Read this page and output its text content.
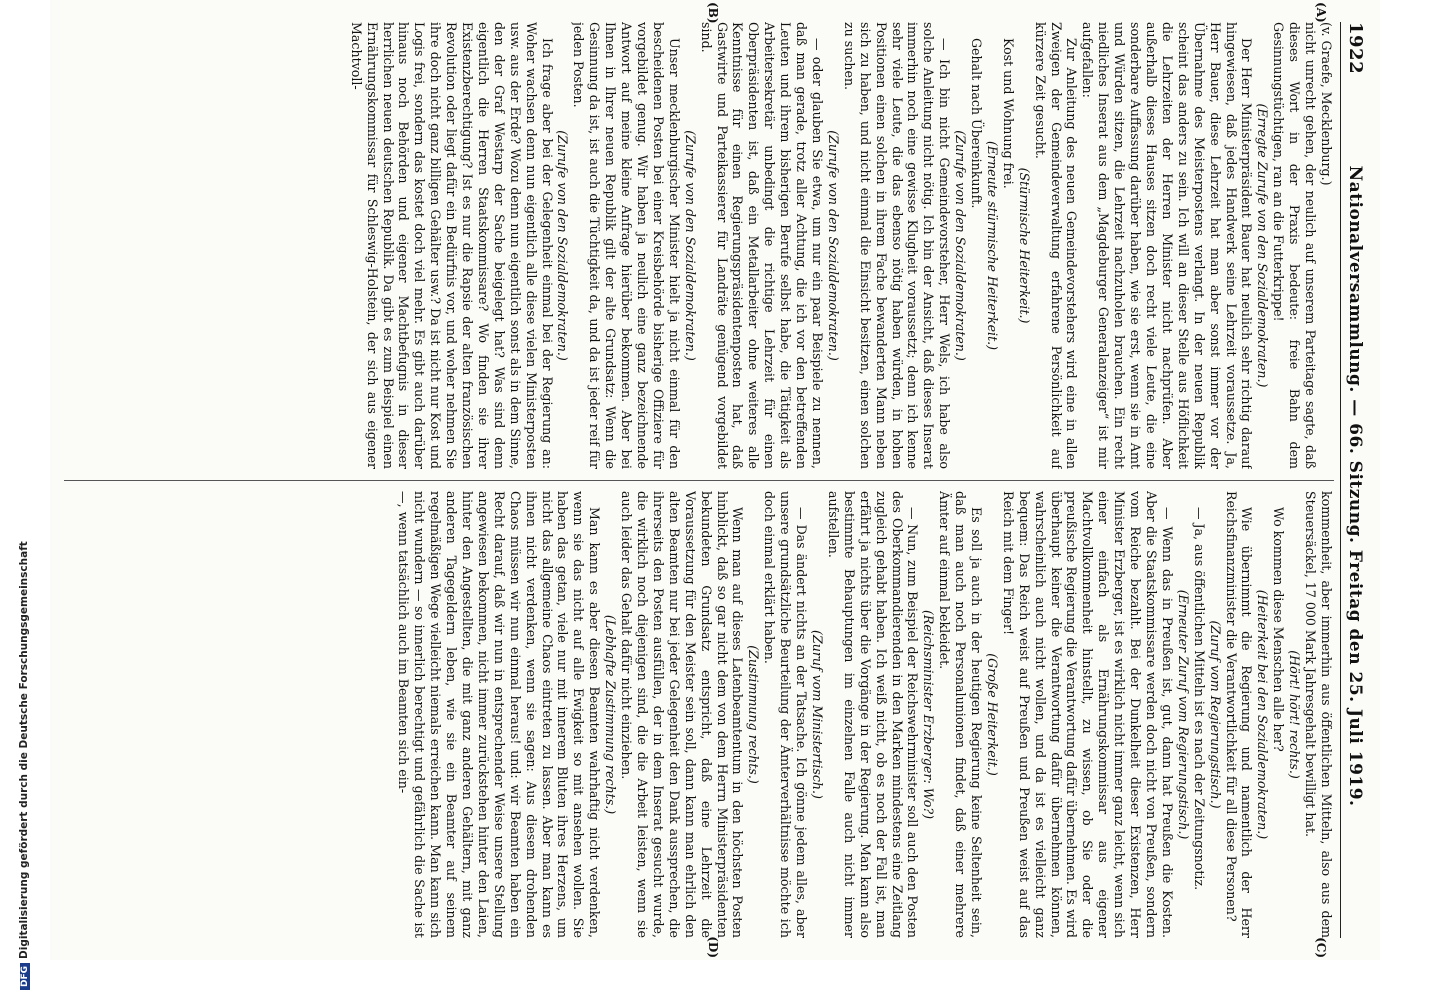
1922
Nationalversammlung. — 66. Sitzung. Freitag den 25. Juli 1919.

(v. Graefe, Mecklenburg.)

nicht unrecht gehen, der neulich auf unserem Parteitage sagte, daß dieses Wort in der Praxis bedeute: freie Bahn dem Gesinnungstüchtigen, ran an die Futterkrippe!

(Erregte Zurufe von den Sozialdemokraten.)

Der Herr Ministerpräsident Bauer hat neulich sehr richtig darauf hingewiesen, daß jedes Handwerk seine Lehrzeit voraussetze. Ja, Herr Bauer, diese Lehrzeit hat man aber sonst immer vor der Übernahme des Meisterpostens verlangt. In der neuen Republik scheint das anders zu sein. Ich will an dieser Stelle aus Höflichkeit die Lehrzeiten der Herren Minister nicht nachprüfen. Aber außerhalb dieses Hauses sitzen doch recht viele Leute, die eine sonderbare Auffassung darüber haben, wie sie erst, wenn sie in Amt und Würden sitzen, die Lehrzeit nachzuholen brauchen. Ein recht niedliches Inserat aus dem „Magdeburger Generalanzeiger“ ist mir aufgefallen:

Zur Anleitung des neuen Gemeindevorstehers wird eine in allen Zweigen der Gemeindeverwaltung erfahrene Persönlichkeit auf kürzere Zeit gesucht.

(Stürmische Heiterkeit.)

Kost und Wohnung frei.

(Erneute stürmische Heiterkeit.)

Gehalt nach Übereinkunft.

(Zurufe von den Sozialdemokraten.)

— Ich bin nicht Gemeindevorsteher, Herr Wels, ich habe also solche Anleitung nicht nötig. Ich bin der Ansicht, daß dieses Inserat immerhin noch eine gewisse Klugheit voraussetzt; denn ich kenne sehr viele Leute, die das ebenso nötig haben würden, in hohen Positionen einen solchen in ihrem Fache bewanderten Mann neben sich zu haben, und nicht einmal die Einsicht besitzen, einen solchen zu suchen.

(Zurufe von den Sozialdemokraten.)

— oder glauben Sie etwa, um nur ein paar Beispiele zu nennen, daß man gerade, trotz aller Achtung, die ich vor den betreffenden Leuten und ihrem bisherigen Berufe selbst habe, die Tätigkeit als Arbeitersekretär unbedingt die richtige Lehrzeit für einen Oberpräsidenten ist, daß ein Metallarbeiter ohne weiteres alle Kenntnisse für einen Regierungspräsidentenposten hat, daß Gastwirte und Parteikassierer für Landräte genügend vorgebildet sind.

(Zurufe von den Sozialdemokraten.)

Unser mecklenburgischer Minister hielt ja nicht einmal für den bescheidenen Posten bei einer Kreisbehörde bisherige Offiziere für vorgebildet genug. Wir haben ja neulich eine ganz bezeichnende Antwort auf meine kleine Anfrage hierüber bekommen. Aber bei Ihnen in Ihrer neuen Republik gilt der alte Grundsatz: Wenn die Gesinnung da ist, ist auch die Tüchtigkeit da, und da ist jeder reif für jeden Posten.

(Zurufe von den Sozialdemokraten.)

Ich frage aber bei der Gelegenheit einmal bei der Regierung an: Woher wachsen denn nun eigentlich alle diese vielen Ministerposten usw. aus der Erde? Wozu denn nun eigentlich sonst als in dem Sinne, den der Graf Westarp der Sache beigelegt hat? Was sind denn eigentlich die Herren Staatskommissare? Wo finden sie ihrer Existenzberechtigung? Ist es nur die Rapsie der alten französischen Revolution oder liegt dafür ein Bedürfnis vor, und woher nehmen Sie ihre doch nicht ganz billigen Gehälter usw.? Da ist nicht nur Kost und Logis frei, sondern das kostet doch viel mehr. Es gibt auch darüber hinaus noch Behörden und eigener Machtbefugnis in dieser herrlichen neuen deutschen Republik. Da gibt es zum Beispiel einen Ernährungskommissar für Schleswig-Holstein, der sich aus eigener Machtvoll-

kommenheit, aber immerhin aus öffentlichen Mitteln, also aus dem Steuersäckel, 17 000 Mark Jahresgehalt bewilligt hat.

(Hört! hört! rechts.)

Wo kommen diese Menschen alle her?

(Heiterkeit bei den Sozialdemokraten.)

Wie übernimmt die Regierung und namentlich der Herr Reichsfinanzminister die Verantwortlichkeit für all diese Personen?

(Zuruf vom Regierungstisch.)

— Ja, aus öffentlichen Mitteln ist es nach der Zeitungsnotiz.

(Erneuter Zuruf vom Regierungstisch.)

— Wenn das in Preußen ist, gut, dann hat Preußen die Kosten. Aber die Staatskommissare werden doch nicht von Preußen, sondern vom Reiche bezahlt. Bei der Dunkelheit dieser Existenzen, Herr Minister Erzberger, ist es wirklich nicht immer ganz leicht, wenn sich einer einfach als Ernährungskommissar aus eigener Machtvollkommenheit hinstellt, zu wissen, ob Sie oder die preußische Regierung die Verantwortung dafür übernehmen. Es wird überhaupt keiner die Verantwortung dafür übernehmen können, wahrscheinlich auch nicht wollen, und da ist es vielleicht ganz bequem: Das Reich weist auf Preußen und Preußen weist auf das Reich mit dem Finger!

(Große Heiterkeit.)

Es soll ja auch in der heutigen Regierung keine Seltenheit sein, daß man auch noch Personalunionen findet, daß einer mehrere Ämter auf einmal bekleidet.

(Reichsminister Erzberger: Wo?)

— Nun, zum Beispiel der Reichswehrminister soll auch den Posten des Oberkommandierenden in den Marken mindestens eine Zeitlang zugleich gehabt haben. Ich weiß nicht, ob es noch der Fall ist, man erfährt ja nichts über die Vorgänge in der Regierung. Man kann also bestimmte Behauptungen im einzelnen Falle auch nicht immer aufstellen.

(Zuruf vom Ministertisch.)

— Das ändert nichts an der Tatsache. Ich gönne jedem alles, aber unsere grundsätzliche Beurteilung der Ämterverhältnisse möchte ich doch einmal erklärt haben.

(Zustimmung rechts.)

Wenn man auf dieses Latenbeamtentum in den höchsten Posten hinblickt, daß so gar nicht dem von dem Herrn Ministerpräsidenten bekundeten Grundsatz entspricht, daß eine Lehrzeit die Voraussetzung für den Meister sein soll, dann kann man ehrlich den alten Beamten nur bei jeder Gelegenheit den Dank aussprechen, die ihrerseits den Posten ausfüllen, der in dem Inserat gesucht wurde, die wirklich noch diejenigen sind, die die Arbeit leisten, wenn sie auch leider das Gehalt dafür nicht einziehen.

(Lebhafte Zustimmung rechts.)

Man kann es aber diesen Beamten wahrhaftig nicht verdenken, wenn sie das nicht auf alle Ewigkeit so mit ansehen wollen. Sie haben das getan, viele nur mit innerem Bluten ihres Herzens, um nicht das allgemeine Chaos eintreten zu lassen. Aber man kann es ihnen nicht verdenken, wenn sie sagen: Aus diesem drohenden Chaos müssen wir nun einmal heraus! und: wir Beamten haben ein Recht darauf, daß wir nun in entsprechender Weise unsere Stellung angewiesen bekommen, nicht immer zurückstehen hinter den Laien, hinter den Angestellten, die mit ganz anderen Gehältern, mit ganz anderen Tagegeldern leben, wie sie ein Beamter auf seinem regelmäßigen Wege vielleicht niemals erreichen kann. Man kann sich nicht wundern — so innerlich berechtigt und gefährlich die Sache ist —, wenn tatsächlich auch im Beamten sich ein-

(A)
(B)
(C)
(D)
DFGDigitalisierung gefördert durch die Deutsche Forschungsgemeinschaft
